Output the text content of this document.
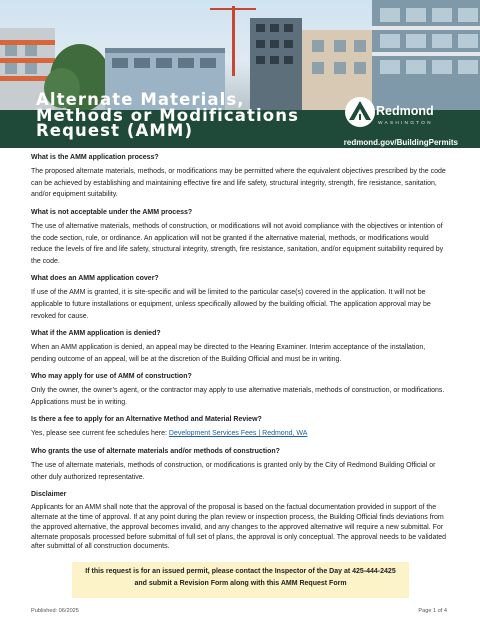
Alternate Materials, Methods or Modifications Request (AMM)
Redmond
WASHINGTON
redmond.gov/BuildingPermits
What is the AMM application process?
The proposed alternate materials, methods, or modifications may be permitted where the equivalent objectives prescribed by the code can be achieved by establishing and maintaining effective fire and life safety, structural integrity, strength, fire resistance, sanitation, and/or equipment suitability.
What is not acceptable under the AMM process?
The use of alternative materials, methods of construction, or modifications will not avoid compliance with the objectives or intention of the code section, rule, or ordinance. An application will not be granted if the alternative material, methods, or modifications would reduce the levels of fire and life safety, structural integrity, strength, fire resistance, sanitation, and/or equipment suitability required by the code.
What does an AMM application cover?
If use of the AMM is granted, it is site-specific and will be limited to the particular case(s) covered in the application. It will not be applicable to future installations or equipment, unless specifically allowed by the building official. The application approval may be revoked for cause.
What if the AMM application is denied?
When an AMM application is denied, an appeal may be directed to the Hearing Examiner. Interim acceptance of the installation, pending outcome of an appeal, will be at the discretion of the Building Official and must be in writing.
Who may apply for use of AMM of construction?
Only the owner, the owner’s agent, or the contractor may apply to use alternative materials, methods of construction, or modifications. Applications must be in writing.
Is there a fee to apply for an Alternative Method and Material Review?
Yes, please see current fee schedules here: Development Services Fees | Redmond, WA
Who grants the use of alternate materials and/or methods of construction?
The use of alternate materials, methods of construction, or modifications is granted only by the City of Redmond Building Official or other duly authorized representative.
Disclaimer
Applicants for an AMM shall note that the approval of the proposal is based on the factual documentation provided in support of the alternate at the time of approval. If at any point during the plan review or inspection process, the Building Official finds deviations from the approved alternative, the approval becomes invalid, and any changes to the approved alternative will require a new submittal. For alternate proposals processed before submittal of full set of plans, the approval is only conceptual. The approval needs to be validated after submittal of all construction documents.
If this request is for an issued permit, please contact the Inspector of the Day at 425-444-2425
and submit a Revision Form along with this AMM Request Form
Published: 06/2025	Page 1 of 4
